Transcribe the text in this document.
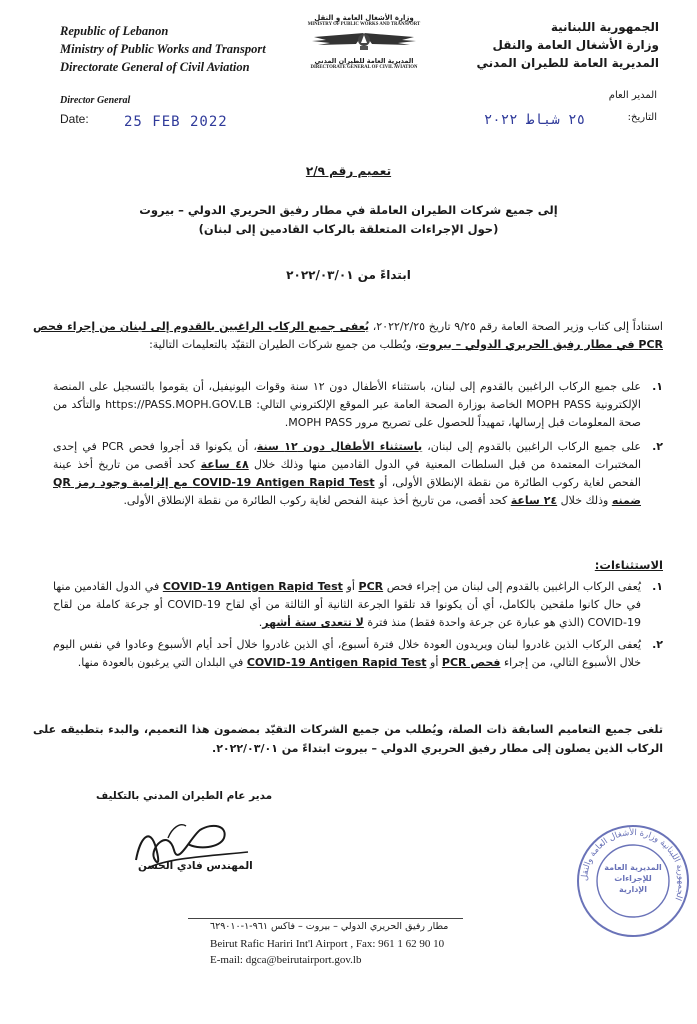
Republic of Lebanon
Ministry of Public Works and Transport
Directorate General of Civil Aviation
وزارة الأشغال العامة و النقل
MINISTRY OF PUBLIC WORKS AND TRANSPORT
المديرية العامة للطيران المدني
DIRECTORATE GENERAL OF CIVIL AVIATION
الجمهورية اللبنانية
وزارة الأشغال العامة والنقل
المديرية العامة للطيران المدني
Director General	المدير العام
Date:	25 FEB 2022	التاريخ:
٢٥ شباط ٢٠٢٢
تعميم رقم ٢/٩
إلى جميع شركات الطيران العاملة في مطار رفيق الحريري الدولي – بيروت
(حول الإجراءات المتعلقة بالركاب القادمين إلى لبنان)
ابتداءً من ٢٠٢٢/٠٣/٠١
استناداً إلى كتاب وزير الصحة العامة رقم ٩/٢٥ تاريخ ٢٠٢٢/٢/٢٥، يُعفى جميع الركاب الراغبين بالقدوم إلى لبنان من إجراء فحص PCR في مطار رفيق الحريري الدولي – بيروت، ويُطلب من جميع شركات الطيران التقيّد بالتعليمات التالية:
١.
على جميع الركاب الراغبين بالقدوم إلى لبنان، باستثناء الأطفال دون ١٢ سنة وقوات اليونيفيل، أن يقوموا بالتسجيل على المنصة الإلكترونية MOPH PASS الخاصة بوزارة الصحة العامة عبر الموقع الإلكتروني التالي: https://PASS.MOPH.GOV.LB والتأكد من صحة المعلومات قبل إرسالها، تمهيداً للحصول على تصريح مرور MOPH PASS.
٢.
على جميع الركاب الراغبين بالقدوم إلى لبنان، باستثناء الأطفال دون ١٢ سنة، أن يكونوا قد أجروا فحص PCR في إحدى المختبرات المعتمدة من قبل السلطات المعنية في الدول القادمين منها وذلك خلال ٤٨ ساعة كحد أقصى من تاريخ أخذ عينة الفحص لغاية ركوب الطائرة من نقطة الإنطلاق الأولى، أو COVID-19 Antigen Rapid Test مع إلزامية وجود رمز QR ضمنه وذلك خلال ٢٤ ساعة كحد أقصى، من تاريخ أخذ عينة الفحص لغاية ركوب الطائرة من نقطة الإنطلاق الأولى.
الاستثناءات:
١.
يُعفى الركاب الراغبين بالقدوم إلى لبنان من إجراء فحص PCR أو COVID-19 Antigen Rapid Test في الدول القادمين منها في حال كانوا ملقحين بالكامل، أي أن يكونوا قد تلقوا الجرعة الثانية أو الثالثة من أي لقاح COVID-19 أو جرعة كاملة من لقاح COVID-19 (الذي هو عبارة عن جرعة واحدة فقط) منذ فترة لا تتعدى ستة أشهر.
٢.
يُعفى الركاب الذين غادروا لبنان ويريدون العودة خلال فترة أسبوع، أي الذين غادروا خلال أحد أيام الأسبوع وعادوا في نفس اليوم خلال الأسبوع التالي، من إجراء فحص PCR أو COVID-19 Antigen Rapid Test في البلدان التي يرغبون بالعودة منها.
تلغى جميع التعاميم السابقة ذات الصلة، ويُطلب من جميع الشركات التقيّد بمضمون هذا التعميم، والبدء بتطبيقه على الركاب الذين يصلون إلى مطار رفيق الحريري الدولي – بيروت ابتداءً من ٢٠٢٢/٠٣/٠١.
مدير عام الطيران المدني بالتكليف
المهندس فادي الحسن
الجمهورية اللبنانية وزارة الأشغال العامة والنقل
المديرية العامة للإجراءات الإدارية
مطار رفيق الحريري الدولي – بيروت – فاكس ٩٦١-١-٦٢٩٠١٠
Beirut Rafic Hariri Int'l Airport , Fax: 961 1 62 90 10
E-mail: dgca@beirutairport.gov.lb
